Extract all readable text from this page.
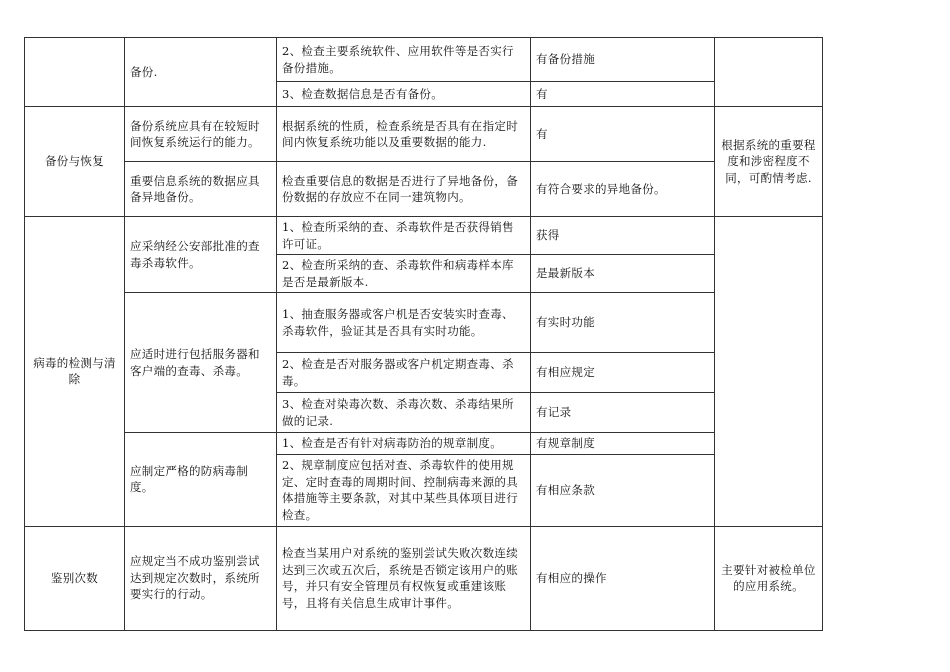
	备份.	2、检查主要系统软件、应用软件等是否实行备份措施。	有备份措施	
		3、检查数据信息是否有备份。	有	
备份与恢复	备份系统应具有在较短时间恢复系统运行的能力。	根据系统的性质，检查系统是否具有在指定时间内恢复系统功能以及重要数据的能力.	有	根据系统的重要程度和涉密程度不同，可酌情考虑.
	重要信息系统的数据应具备异地备份。	检查重要信息的数据是否进行了异地备份，备份数据的存放应不在同一建筑物内。	有符合要求的异地备份。	
病毒的检测与清除	应采纳经公安部批准的查毒杀毒软件。	1、检查所采纳的查、杀毒软件是否获得销售许可证。	获得	
		2、检查所采纳的查、杀毒软件和病毒样本库是否是最新版本.	是最新版本	
	应适时进行包括服务器和客户端的查毒、杀毒。	1、抽查服务器或客户机是否安装实时查毒、杀毒软件，验证其是否具有实时功能。	有实时功能	
		2、检查是否对服务器或客户机定期查毒、杀毒。	有相应规定	
		3、检查对染毒次数、杀毒次数、杀毒结果所做的记录.	有记录	
	应制定严格的防病毒制度。	1、检查是否有针对病毒防治的规章制度。	有规章制度	
		2、规章制度应包括对查、杀毒软件的使用规定、定时查毒的周期时间、控制病毒来源的具体措施等主要条款，对其中某些具体项目进行检查。	有相应条款	
鉴别次数	应规定当不成功鉴别尝试达到规定次数时，系统所要实行的行动。	检查当某用户对系统的鉴别尝试失败次数连续达到三次或五次后，系统是否锁定该用户的账号，并只有安全管理员有权恢复或重建该账号，且将有关信息生成审计事件。	有相应的操作	主要针对被检单位的应用系统。
